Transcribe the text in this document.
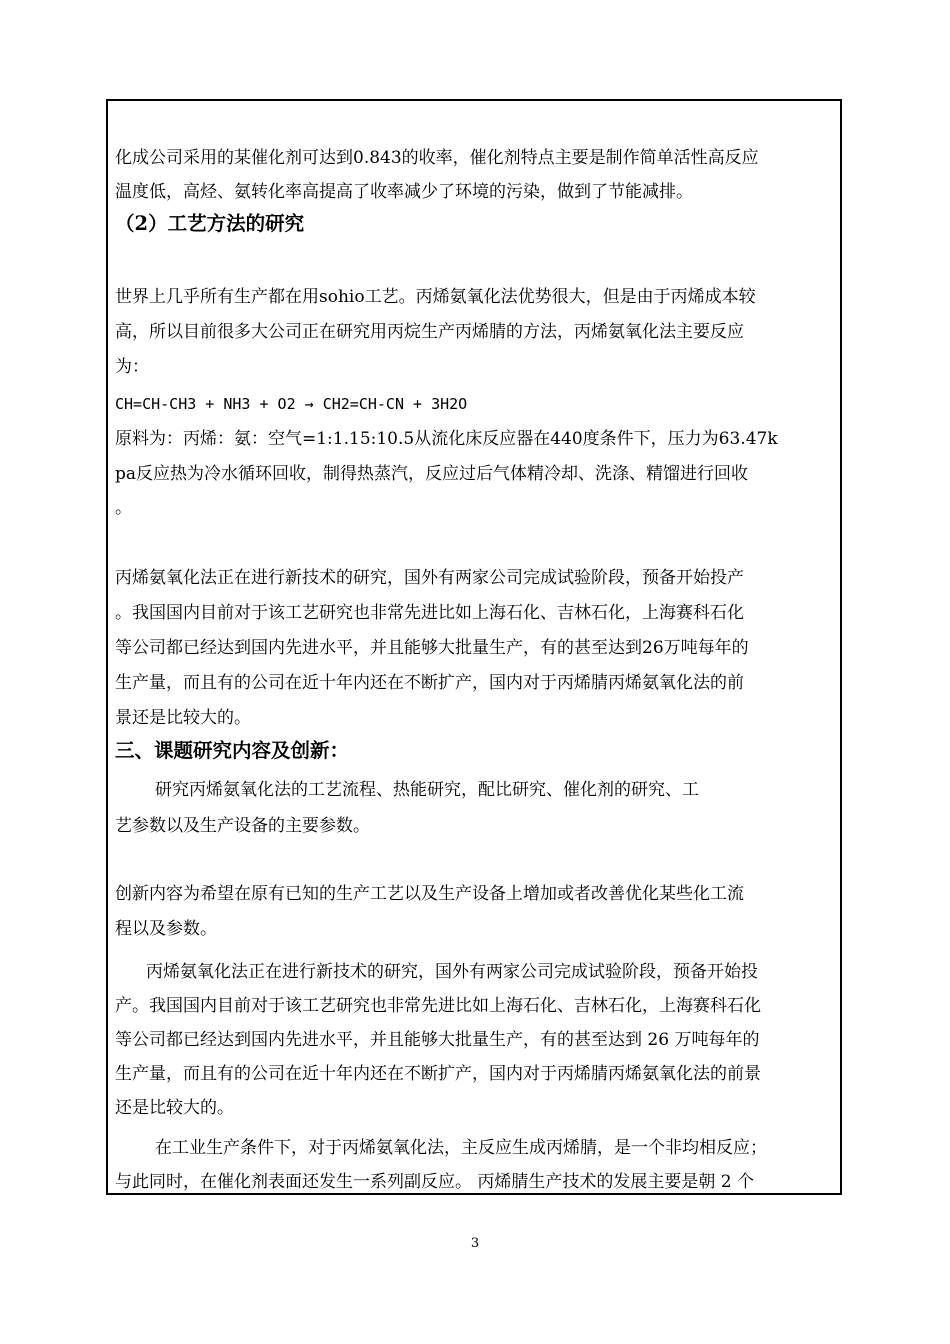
化成公司采用的某催化剂可达到0.843的收率，催化剂特点主要是制作简单活性高反应
温度低，高烃、氨转化率高提高了收率减少了环境的污染，做到了节能减排。
（2）工艺方法的研究
世界上几乎所有生产都在用sohio工艺。丙烯氨氧化法优势很大，但是由于丙烯成本较
高，所以目前很多大公司正在研究用丙烷生产丙烯腈的方法，丙烯氨氧化法主要反应
为：
CH=CH-CH3 + NH3 + O2 → CH2=CH-CN + 3H2O
原料为：丙烯：氨：空气=1:1.15:10.5从流化床反应器在440度条件下，压力为63.47k
pa反应热为冷水循环回收，制得热蒸汽，反应过后气体精冷却、洗涤、精馏进行回收
。
丙烯氨氧化法正在进行新技术的研究，国外有两家公司完成试验阶段，预备开始投产
。我国国内目前对于该工艺研究也非常先进比如上海石化、吉林石化，上海赛科石化
等公司都已经达到国内先进水平，并且能够大批量生产，有的甚至达到26万吨每年的
生产量，而且有的公司在近十年内还在不断扩产，国内对于丙烯腈丙烯氨氧化法的前
景还是比较大的。
三、课题研究内容及创新：
研究丙烯氨氧化法的工艺流程、热能研究，配比研究、催化剂的研究、工
艺参数以及生产设备的主要参数。
创新内容为希望在原有已知的生产工艺以及生产设备上增加或者改善优化某些化工流
程以及参数。
丙烯氨氧化法正在进行新技术的研究，国外有两家公司完成试验阶段，预备开始投
产。我国国内目前对于该工艺研究也非常先进比如上海石化、吉林石化，上海赛科石化
等公司都已经达到国内先进水平，并且能够大批量生产，有的甚至达到 26 万吨每年的
生产量，而且有的公司在近十年内还在不断扩产，国内对于丙烯腈丙烯氨氧化法的前景
还是比较大的。
在工业生产条件下，对于丙烯氨氧化法，主反应生成丙烯腈，是一个非均相反应；
与此同时，在催化剂表面还发生一系列副反应。 丙烯腈生产技术的发展主要是朝 2 个
3
